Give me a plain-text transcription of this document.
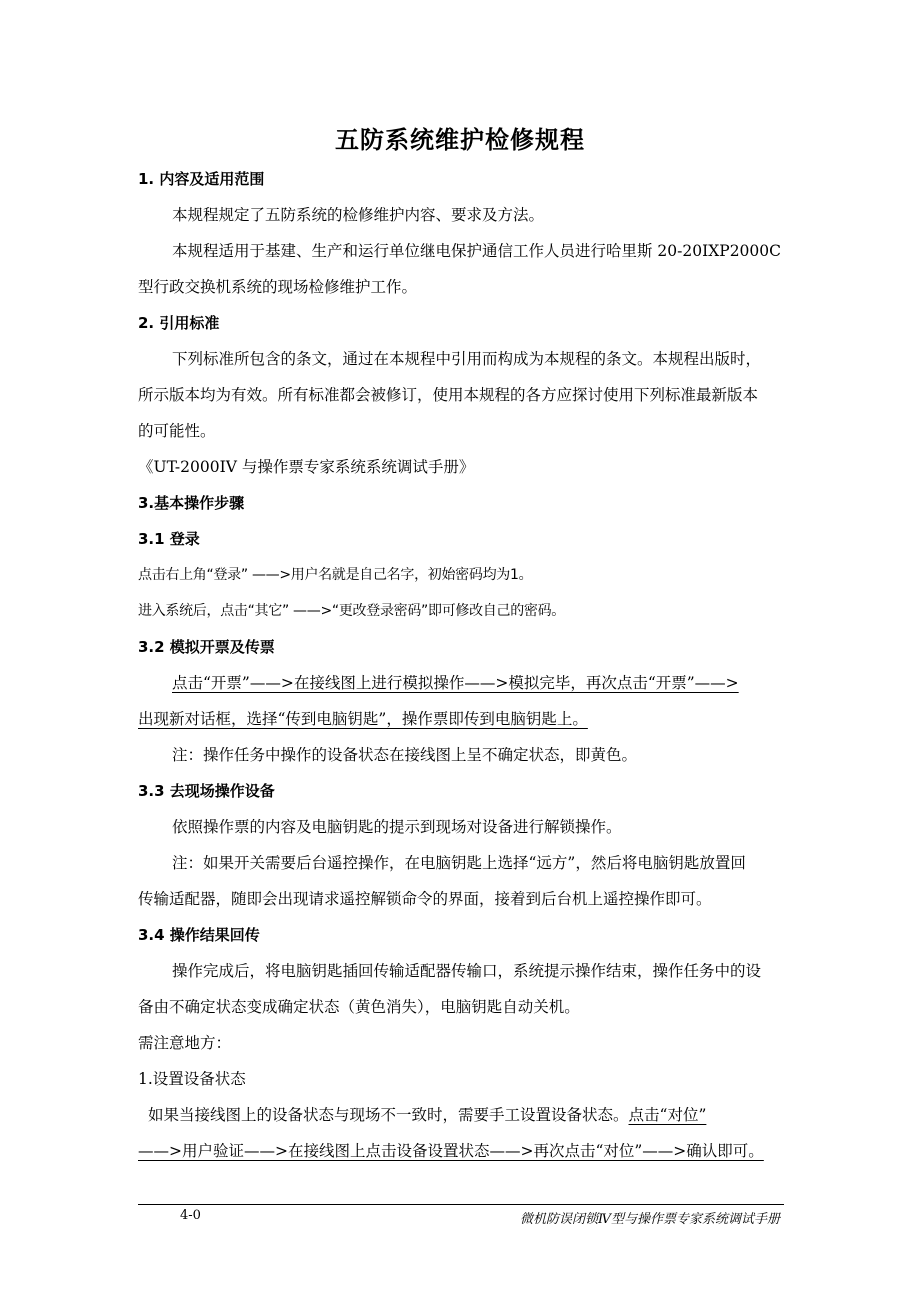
五防系统维护检修规程
1. 内容及适用范围
本规程规定了五防系统的检修维护内容、要求及方法。
本规程适用于基建、生产和运行单位继电保护通信工作人员进行哈里斯 20-20IXP2000C
型行政交换机系统的现场检修维护工作。
2. 引用标准
下列标准所包含的条文，通过在本规程中引用而构成为本规程的条文。本规程出版时，
所示版本均为有效。所有标准都会被修订，使用本规程的各方应探讨使用下列标准最新版本
的可能性。
《UT-2000IV 与操作票专家系统系统调试手册》
3.基本操作步骤
3.1 登录
点击右上角“登录” ——>用户名就是自己名字，初始密码均为1。
进入系统后，点击“其它” ——>“更改登录密码”即可修改自己的密码。
3.2 模拟开票及传票
点击“开票”——>在接线图上进行模拟操作——>模拟完毕，再次点击“开票”——>
出现新对话框，选择“传到电脑钥匙”，操作票即传到电脑钥匙上。
注：操作任务中操作的设备状态在接线图上呈不确定状态，即黄色。
3.3 去现场操作设备
依照操作票的内容及电脑钥匙的提示到现场对设备进行解锁操作。
注：如果开关需要后台遥控操作，在电脑钥匙上选择“远方”，然后将电脑钥匙放置回
传输适配器，随即会出现请求遥控解锁命令的界面，接着到后台机上遥控操作即可。
3.4 操作结果回传
操作完成后，将电脑钥匙插回传输适配器传输口，系统提示操作结束，操作任务中的设
备由不确定状态变成确定状态（黄色消失），电脑钥匙自动关机。
需注意地方：
1.设置设备状态
如果当接线图上的设备状态与现场不一致时，需要手工设置设备状态。点击“对位”
——>用户验证——>在接线图上点击设备设置状态——>再次点击“对位”——>确认即可。
4-0	微机防误闭锁Ⅳ型与操作票专家系统调试手册
